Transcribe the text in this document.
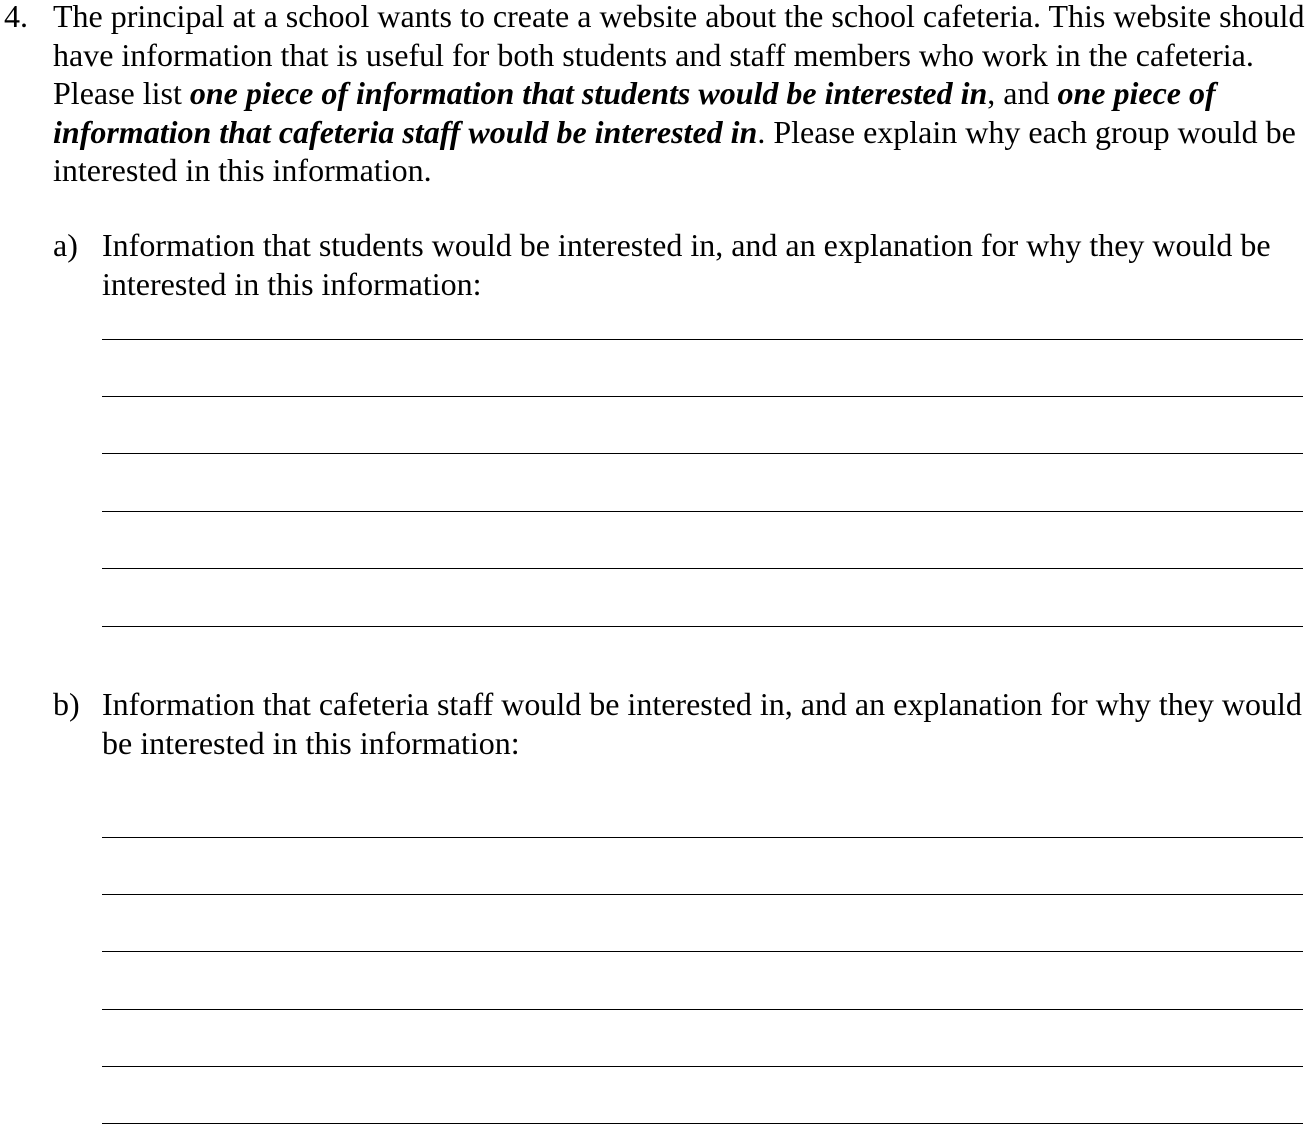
4. The principal at a school wants to create a website about the school cafeteria. This website should have information that is useful for both students and staff members who work in the cafeteria. Please list one piece of information that students would be interested in, and one piece of information that cafeteria staff would be interested in. Please explain why each group would be interested in this information.

a) Information that students would be interested in, and an explanation for why they would be interested in this information:

b) Information that cafeteria staff would be interested in, and an explanation for why they would be interested in this information:
